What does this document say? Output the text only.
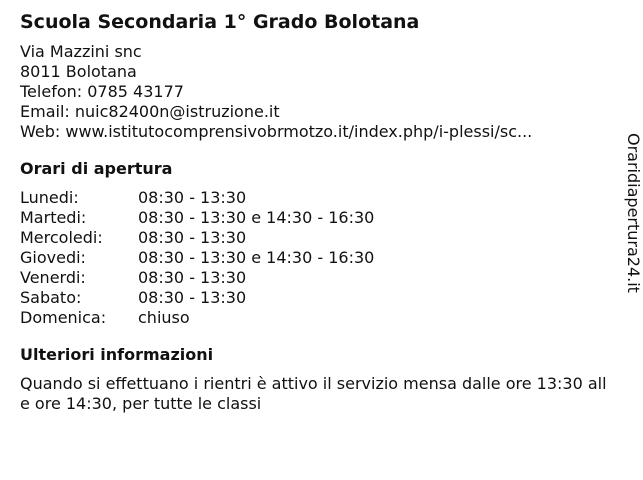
Scuola Secondaria 1° Grado Bolotana
Via Mazzini snc
8011 Bolotana
Telefon: 0785 43177
Email: nuic82400n@istruzione.it
Web: www.istitutocomprensivobrmotzo.it/index.php/i-plessi/sc...
Orari di apertura
Lunedi:	08:30 - 13:30
Martedi:	08:30 - 13:30 e 14:30 - 16:30
Mercoledi:	08:30 - 13:30
Giovedi:	08:30 - 13:30 e 14:30 - 16:30
Venerdi:	08:30 - 13:30
Sabato:	08:30 - 13:30
Domenica:	chiuso
Ulteriori informazioni
Quando si effettuano i rientri è attivo il servizio mensa dalle ore 13:30 alle ore 14:30, per tutte le classi
Oraridiapertura24.it
